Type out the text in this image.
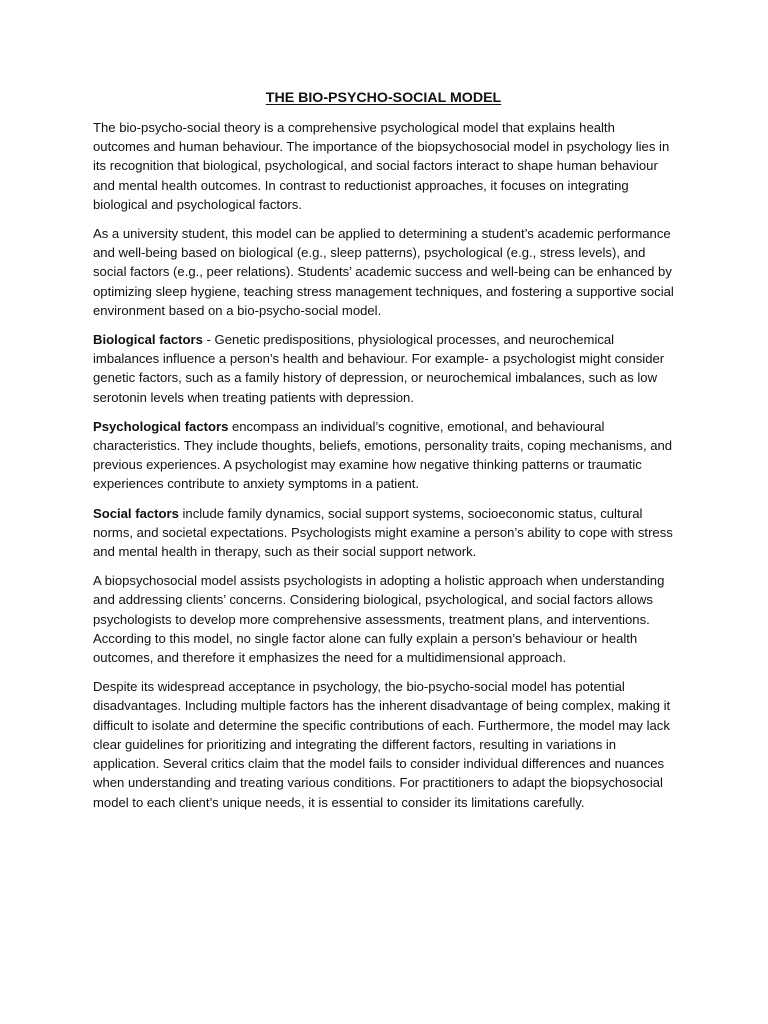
THE BIO-PSYCHO-SOCIAL MODEL

The bio-psycho-social theory is a comprehensive psychological model that explains health outcomes and human behaviour. The importance of the biopsychosocial model in psychology lies in its recognition that biological, psychological, and social factors interact to shape human behaviour and mental health outcomes. In contrast to reductionist approaches, it focuses on integrating biological and psychological factors.

As a university student, this model can be applied to determining a student’s academic performance and well-being based on biological (e.g., sleep patterns), psychological (e.g., stress levels), and social factors (e.g., peer relations). Students’ academic success and well-being can be enhanced by optimizing sleep hygiene, teaching stress management techniques, and fostering a supportive social environment based on a bio-psycho-social model.

Biological factors - Genetic predispositions, physiological processes, and neurochemical imbalances influence a person’s health and behaviour. For example- a psychologist might consider genetic factors, such as a family history of depression, or neurochemical imbalances, such as low serotonin levels when treating patients with depression.

Psychological factors encompass an individual’s cognitive, emotional, and behavioural characteristics. They include thoughts, beliefs, emotions, personality traits, coping mechanisms, and previous experiences. A psychologist may examine how negative thinking patterns or traumatic experiences contribute to anxiety symptoms in a patient.

Social factors include family dynamics, social support systems, socioeconomic status, cultural norms, and societal expectations. Psychologists might examine a person’s ability to cope with stress and mental health in therapy, such as their social support network.

A biopsychosocial model assists psychologists in adopting a holistic approach when understanding and addressing clients’ concerns. Considering biological, psychological, and social factors allows psychologists to develop more comprehensive assessments, treatment plans, and interventions. According to this model, no single factor alone can fully explain a person’s behaviour or health outcomes, and therefore it emphasizes the need for a multidimensional approach.

Despite its widespread acceptance in psychology, the bio-psycho-social model has potential disadvantages. Including multiple factors has the inherent disadvantage of being complex, making it difficult to isolate and determine the specific contributions of each. Furthermore, the model may lack clear guidelines for prioritizing and integrating the different factors, resulting in variations in application. Several critics claim that the model fails to consider individual differences and nuances when understanding and treating various conditions. For practitioners to adapt the biopsychosocial model to each client’s unique needs, it is essential to consider its limitations carefully.
